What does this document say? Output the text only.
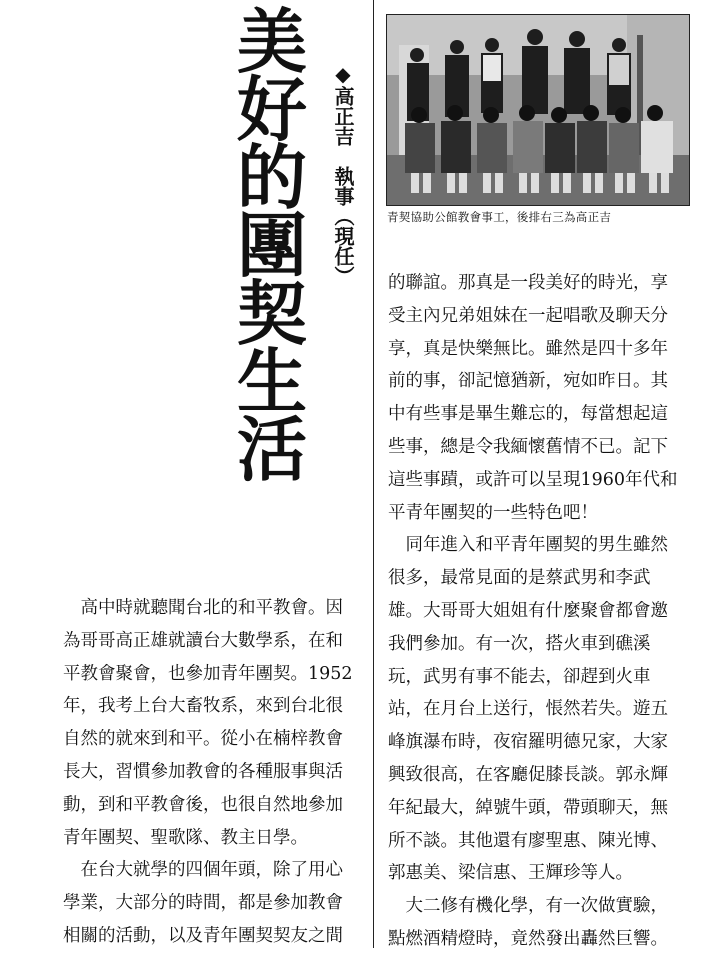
美
好
的
團
契
生
活
◆高正吉　執事（現任）	青契協助公館教會事工，後排右三為高正吉
　高中時就聽聞台北的和平教會。因
為哥哥高正雄就讀台大數學系，在和
平教會聚會，也參加青年團契。1952
年，我考上台大畜牧系，來到台北很
自然的就來到和平。從小在楠梓教會
長大，習慣參加教會的各種服事與活
動，到和平教會後，也很自然地參加
青年團契、聖歌隊、教主日學。
　在台大就學的四個年頭，除了用心
學業，大部分的時間，都是參加教會
相關的活動，以及青年團契契友之間
的聯誼。那真是一段美好的時光，享
受主內兄弟姐妹在一起唱歌及聊天分
享，真是快樂無比。雖然是四十多年
前的事，卻記憶猶新，宛如昨日。其
中有些事是畢生難忘的，每當想起這
些事，總是令我緬懷舊情不已。記下
這些事蹟，或許可以呈現1960年代和
平青年團契的一些特色吧！
　同年進入和平青年團契的男生雖然
很多，最常見面的是蔡武男和李武
雄。大哥哥大姐姐有什麼聚會都會邀
我們參加。有一次，搭火車到礁溪
玩，武男有事不能去，卻趕到火車
站，在月台上送行，悵然若失。遊五
峰旗瀑布時，夜宿羅明德兄家，大家
興致很高，在客廳促膝長談。郭永輝
年紀最大，綽號牛頭，帶頭聊天，無
所不談。其他還有廖聖惠、陳光博、
郭惠美、梁信惠、王輝珍等人。
　大二修有機化學，有一次做實驗，
點燃酒精燈時，竟然發出轟然巨響。
